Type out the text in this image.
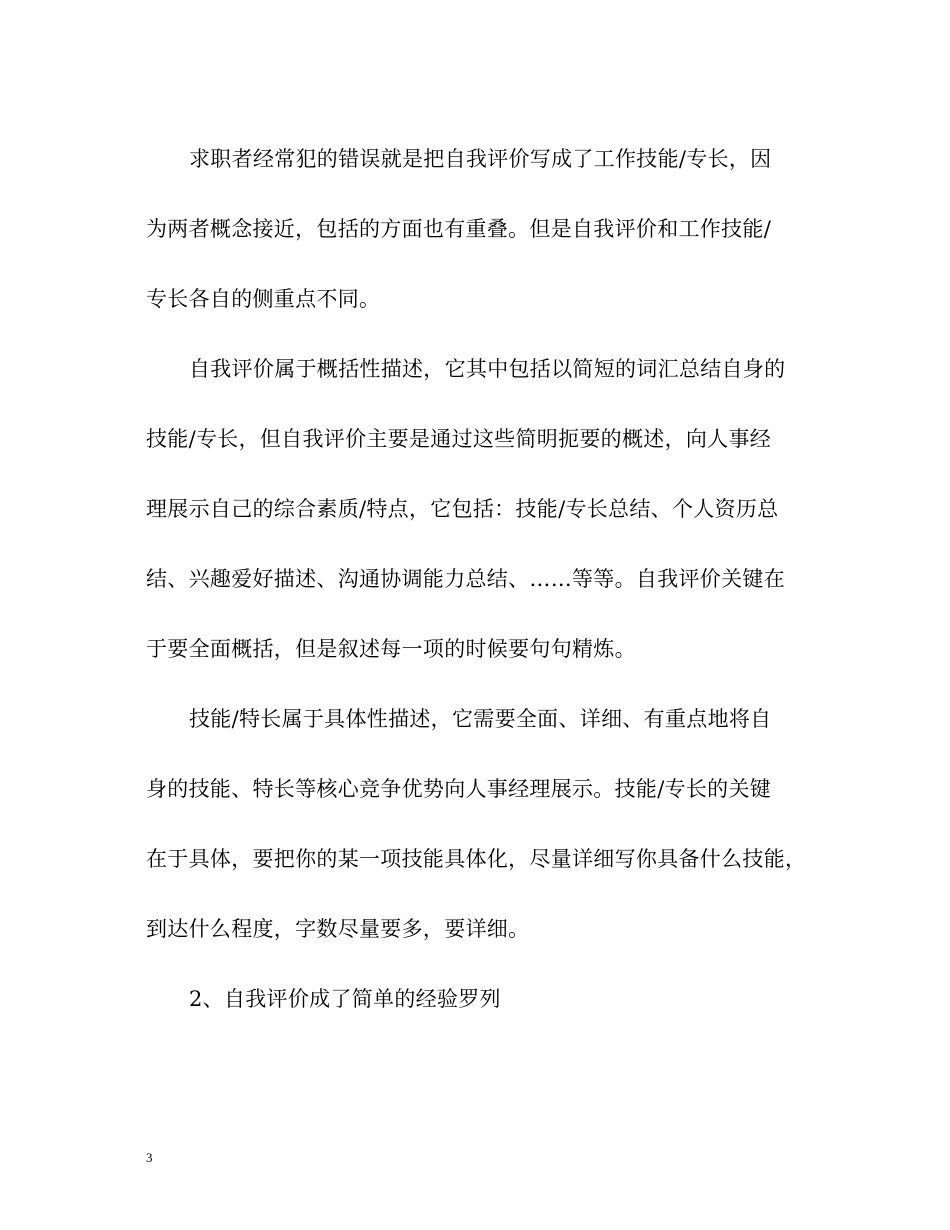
求职者经常犯的错误就是把自我评价写成了工作技能/专长，因
为两者概念接近，包括的方面也有重叠。但是自我评价和工作技能/
专长各自的侧重点不同。
自我评价属于概括性描述，它其中包括以简短的词汇总结自身的
技能/专长，但自我评价主要是通过这些简明扼要的概述，向人事经
理展示自己的综合素质/特点，它包括：技能/专长总结、个人资历总
结、兴趣爱好描述、沟通协调能力总结、……等等。自我评价关键在
于要全面概括，但是叙述每一项的时候要句句精炼。
技能/特长属于具体性描述，它需要全面、详细、有重点地将自
身的技能、特长等核心竞争优势向人事经理展示。技能/专长的关键
在于具体，要把你的某一项技能具体化，尽量详细写你具备什么技能，
到达什么程度，字数尽量要多，要详细。
2、自我评价成了简单的经验罗列
3
